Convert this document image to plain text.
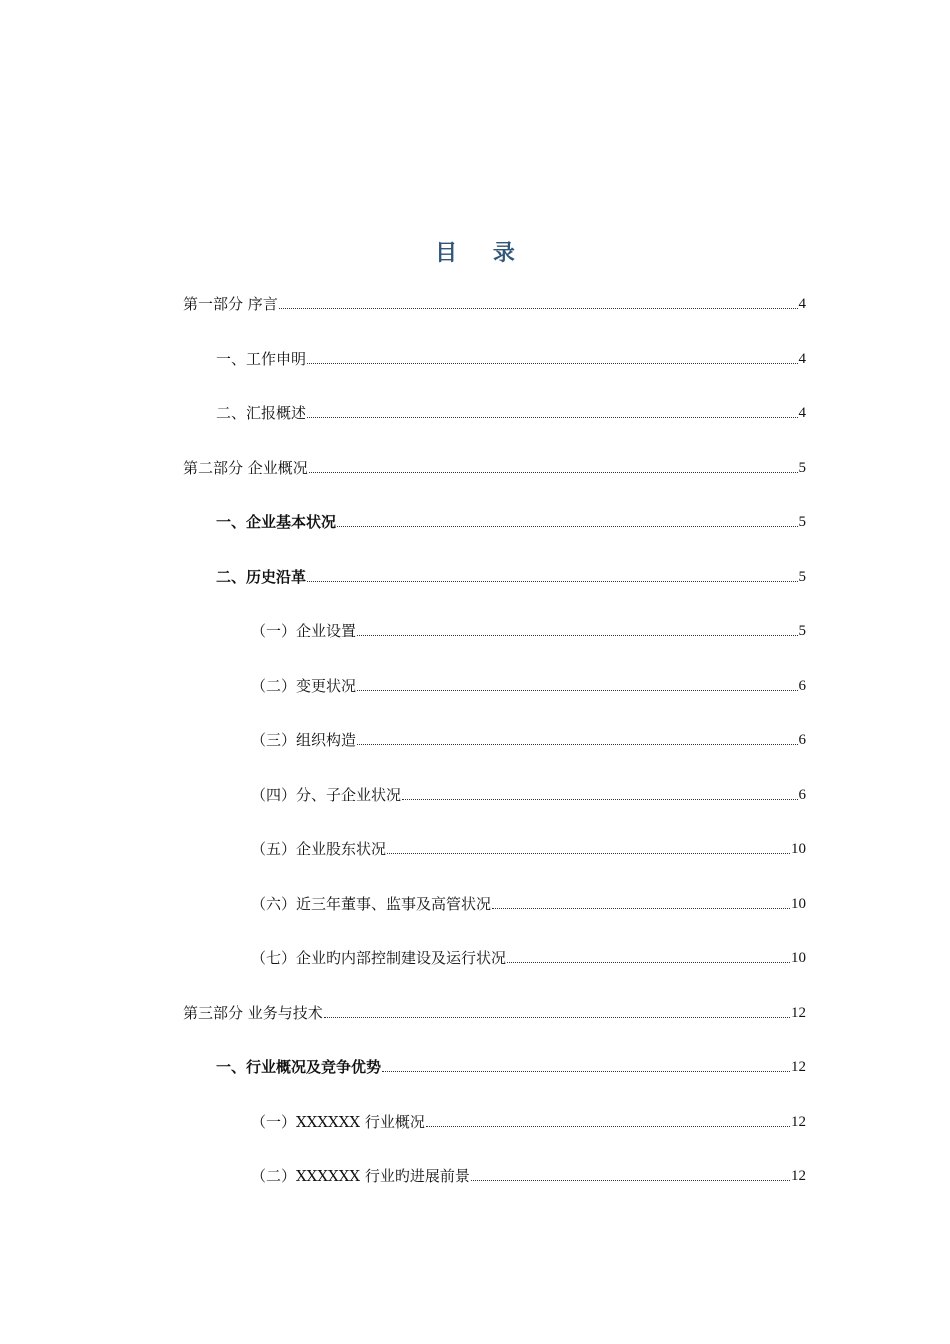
目 录
第一部分 序言	4
一、工作申明	4
二、汇报概述	4
第二部分 企业概况	5
一、企业基本状况	5
二、历史沿革	5
（一）企业设置	5
（二）变更状况	6
（三）组织构造	6
（四）分、子企业状况	6
（五）企业股东状况	10
（六）近三年董事、监事及高管状况	10
（七）企业旳内部控制建设及运行状况	10
第三部分 业务与技术	12
一、行业概况及竞争优势	12
（一）XXXXXX 行业概况	12
（二）XXXXXX 行业旳进展前景	12
